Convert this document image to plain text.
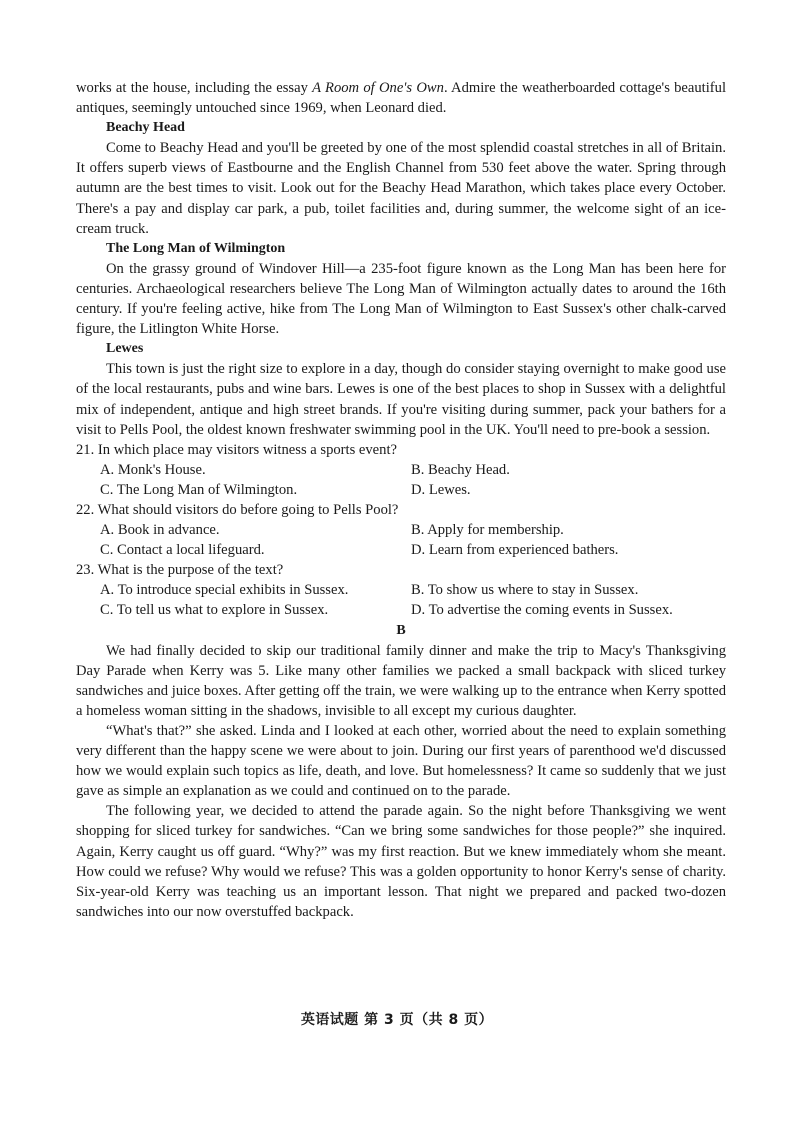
works at the house, including the essay A Room of One's Own. Admire the weatherboarded cottage's beautiful antiques, seemingly untouched since 1969, when Leonard died.

Beachy Head

Come to Beachy Head and you'll be greeted by one of the most splendid coastal stretches in all of Britain. It offers superb views of Eastbourne and the English Channel from 530 feet above the water. Spring through autumn are the best times to visit. Look out for the Beachy Head Marathon, which takes place every October. There's a pay and display car park, a pub, toilet facilities and, during summer, the welcome sight of an ice-cream truck.

The Long Man of Wilmington

On the grassy ground of Windover Hill—a 235-foot figure known as the Long Man has been here for centuries. Archaeological researchers believe The Long Man of Wilmington actually dates to around the 16th century. If you're feeling active, hike from The Long Man of Wilmington to East Sussex's other chalk-carved figure, the Litlington White Horse.

Lewes

This town is just the right size to explore in a day, though do consider staying overnight to make good use of the local restaurants, pubs and wine bars. Lewes is one of the best places to shop in Sussex with a delightful mix of independent, antique and high street brands. If you're visiting during summer, pack your bathers for a visit to Pells Pool, the oldest known freshwater swimming pool in the UK. You'll need to pre-book a session.

21. In which place may visitors witness a sports event?

A. Monk's House.	B. Beachy Head.
C. The Long Man of Wilmington.	D. Lewes.

22. What should visitors do before going to Pells Pool?

A. Book in advance.	B. Apply for membership.
C. Contact a local lifeguard.	D. Learn from experienced bathers.

23. What is the purpose of the text?

A. To introduce special exhibits in Sussex.	B. To show us where to stay in Sussex.
C. To tell us what to explore in Sussex.	D. To advertise the coming events in Sussex.

B

We had finally decided to skip our traditional family dinner and make the trip to Macy's Thanksgiving Day Parade when Kerry was 5. Like many other families we packed a small backpack with sliced turkey sandwiches and juice boxes. After getting off the train, we were walking up to the entrance when Kerry spotted a homeless woman sitting in the shadows, invisible to all except my curious daughter.

“What's that?” she asked. Linda and I looked at each other, worried about the need to explain something very different than the happy scene we were about to join. During our first years of parenthood we'd discussed how we would explain such topics as life, death, and love. But homelessness? It came so suddenly that we just gave as simple an explanation as we could and continued on to the parade.

The following year, we decided to attend the parade again. So the night before Thanksgiving we went shopping for sliced turkey for sandwiches. “Can we bring some sandwiches for those people?” she inquired. Again, Kerry caught us off guard. “Why?” was my first reaction. But we knew immediately whom she meant. How could we refuse? Why would we refuse? This was a golden opportunity to honor Kerry's sense of charity. Six-year-old Kerry was teaching us an important lesson. That night we prepared and packed two-dozen sandwiches into our now overstuffed backpack.

英语试题 第 3 页（共 8 页）
